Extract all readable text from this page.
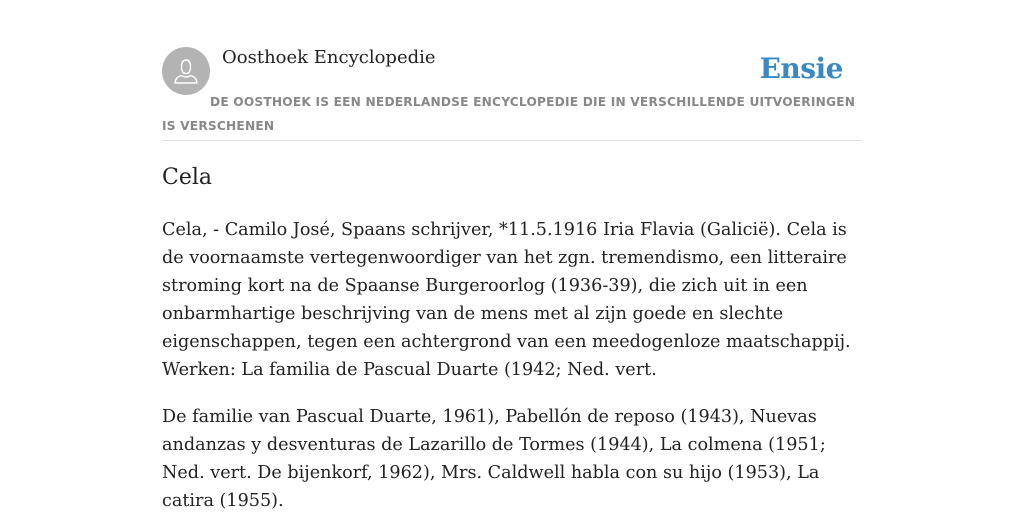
Oosthoek Encyclopedie	Ensie
DE OOSTHOEK IS EEN NEDERLANDSE ENCYCLOPEDIE DIE IN VERSCHILLENDE UITVOERINGEN IS VERSCHENEN
Cela

Cela, - Camilo José, Spaans schrijver, *11.5.1916 Iria Flavia (Galicië). Cela is de voornaamste vertegenwoordiger van het zgn. tremendismo, een litteraire stroming kort na de Spaanse Burgeroorlog (1936-39), die zich uit in een onbarmhartige beschrijving van de mens met al zijn goede en slechte eigenschappen, tegen een achtergrond van een meedogenloze maatschappij. Werken: La familia de Pascual Duarte (1942; Ned. vert.

De familie van Pascual Duarte, 1961), Pabellón de reposo (1943), Nuevas andanzas y desventuras de Lazarillo de Tormes (1944), La colmena (1951; Ned. vert. De bijenkorf, 1962), Mrs. Caldwell habla con su hijo (1953), La catira (1955).
